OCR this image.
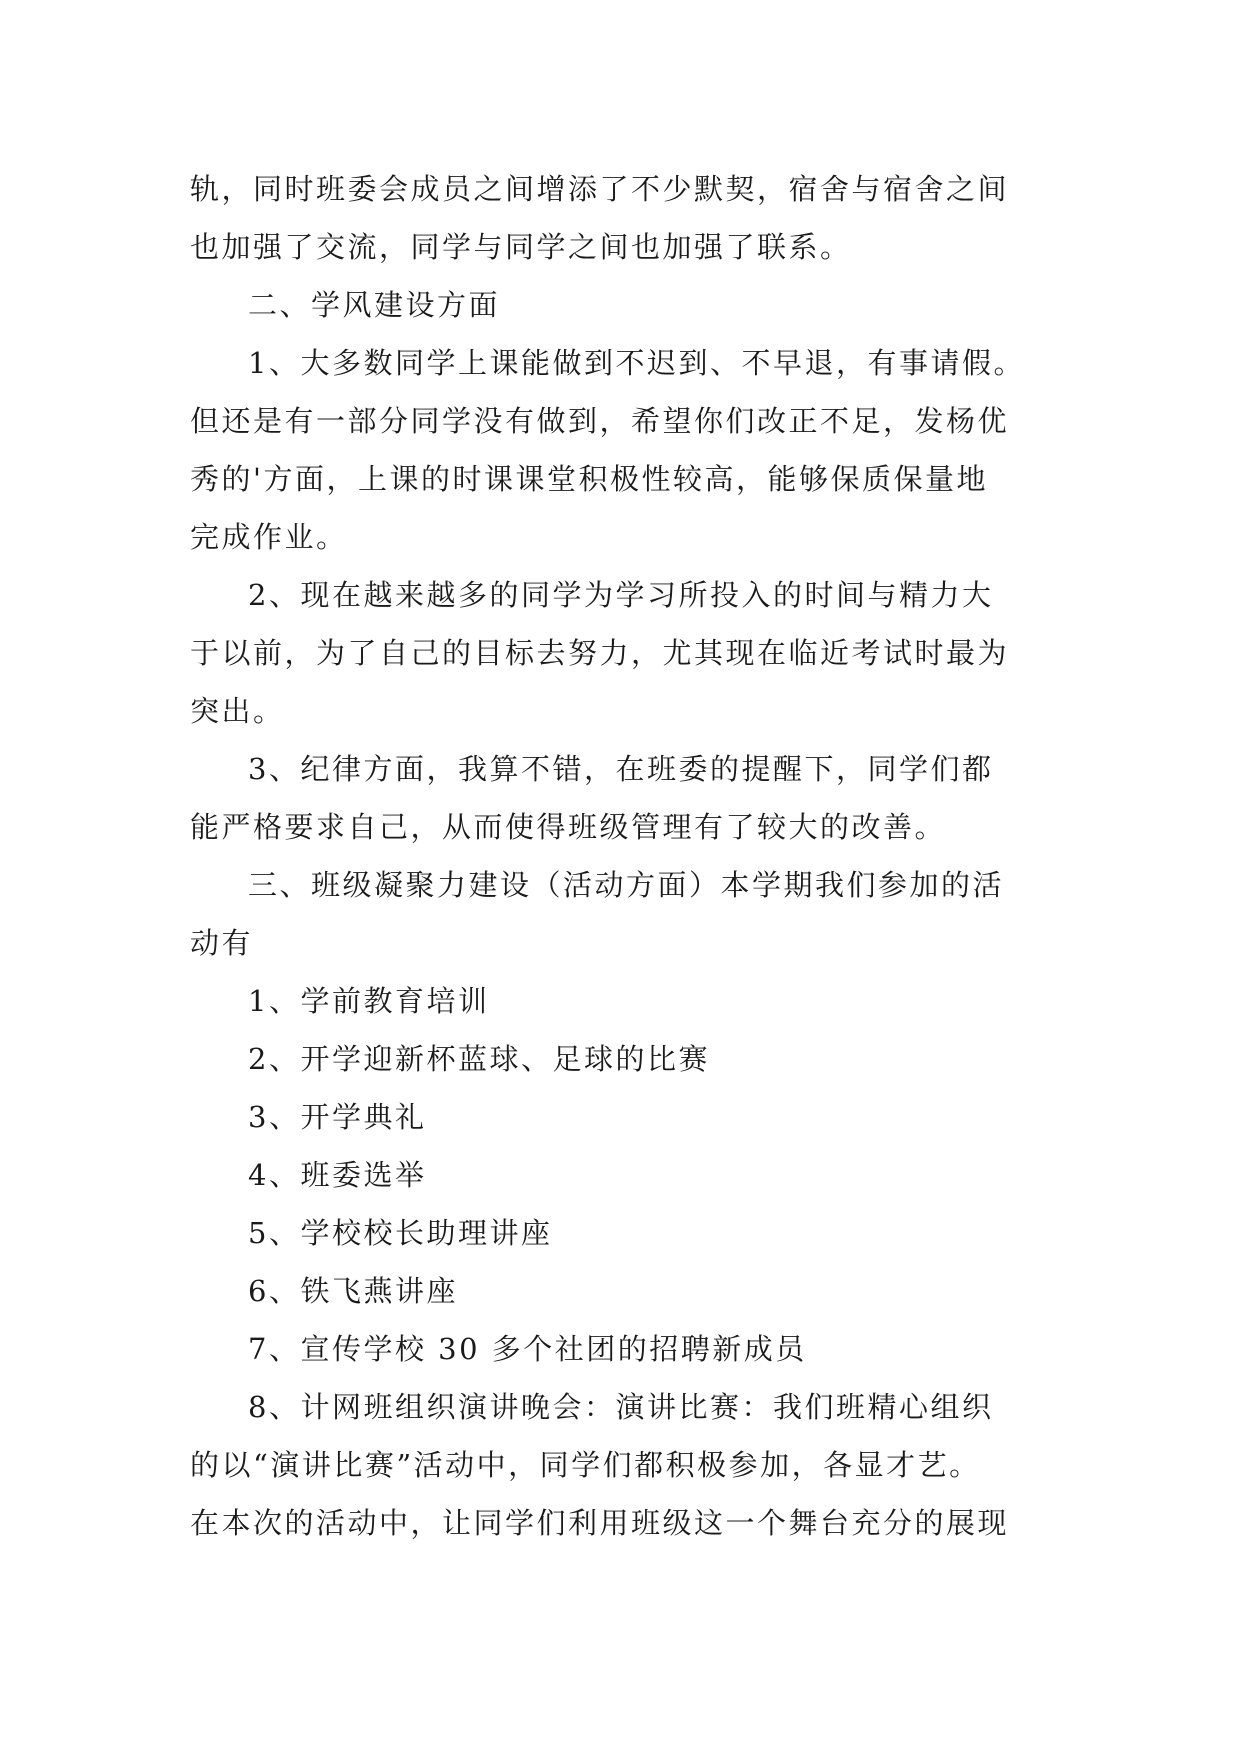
轨，同时班委会成员之间增添了不少默契，宿舍与宿舍之间
也加强了交流，同学与同学之间也加强了联系。
二、学风建设方面
1、大多数同学上课能做到不迟到、不早退，有事请假。
但还是有一部分同学没有做到，希望你们改正不足，发杨优
秀的'方面，上课的时课课堂积极性较高，能够保质保量地
完成作业。
2、现在越来越多的同学为学习所投入的时间与精力大
于以前，为了自己的目标去努力，尤其现在临近考试时最为
突出。
3、纪律方面，我算不错，在班委的提醒下，同学们都
能严格要求自己，从而使得班级管理有了较大的改善。
三、班级凝聚力建设（活动方面）本学期我们参加的活
动有
1、学前教育培训
2、开学迎新杯蓝球、足球的比赛
3、开学典礼
4、班委选举
5、学校校长助理讲座
6、铁飞燕讲座
7、宣传学校 30 多个社团的招聘新成员
8、计网班组织演讲晚会：演讲比赛：我们班精心组织
的以“演讲比赛”活动中，同学们都积极参加，各显才艺。
在本次的活动中，让同学们利用班级这一个舞台充分的展现
